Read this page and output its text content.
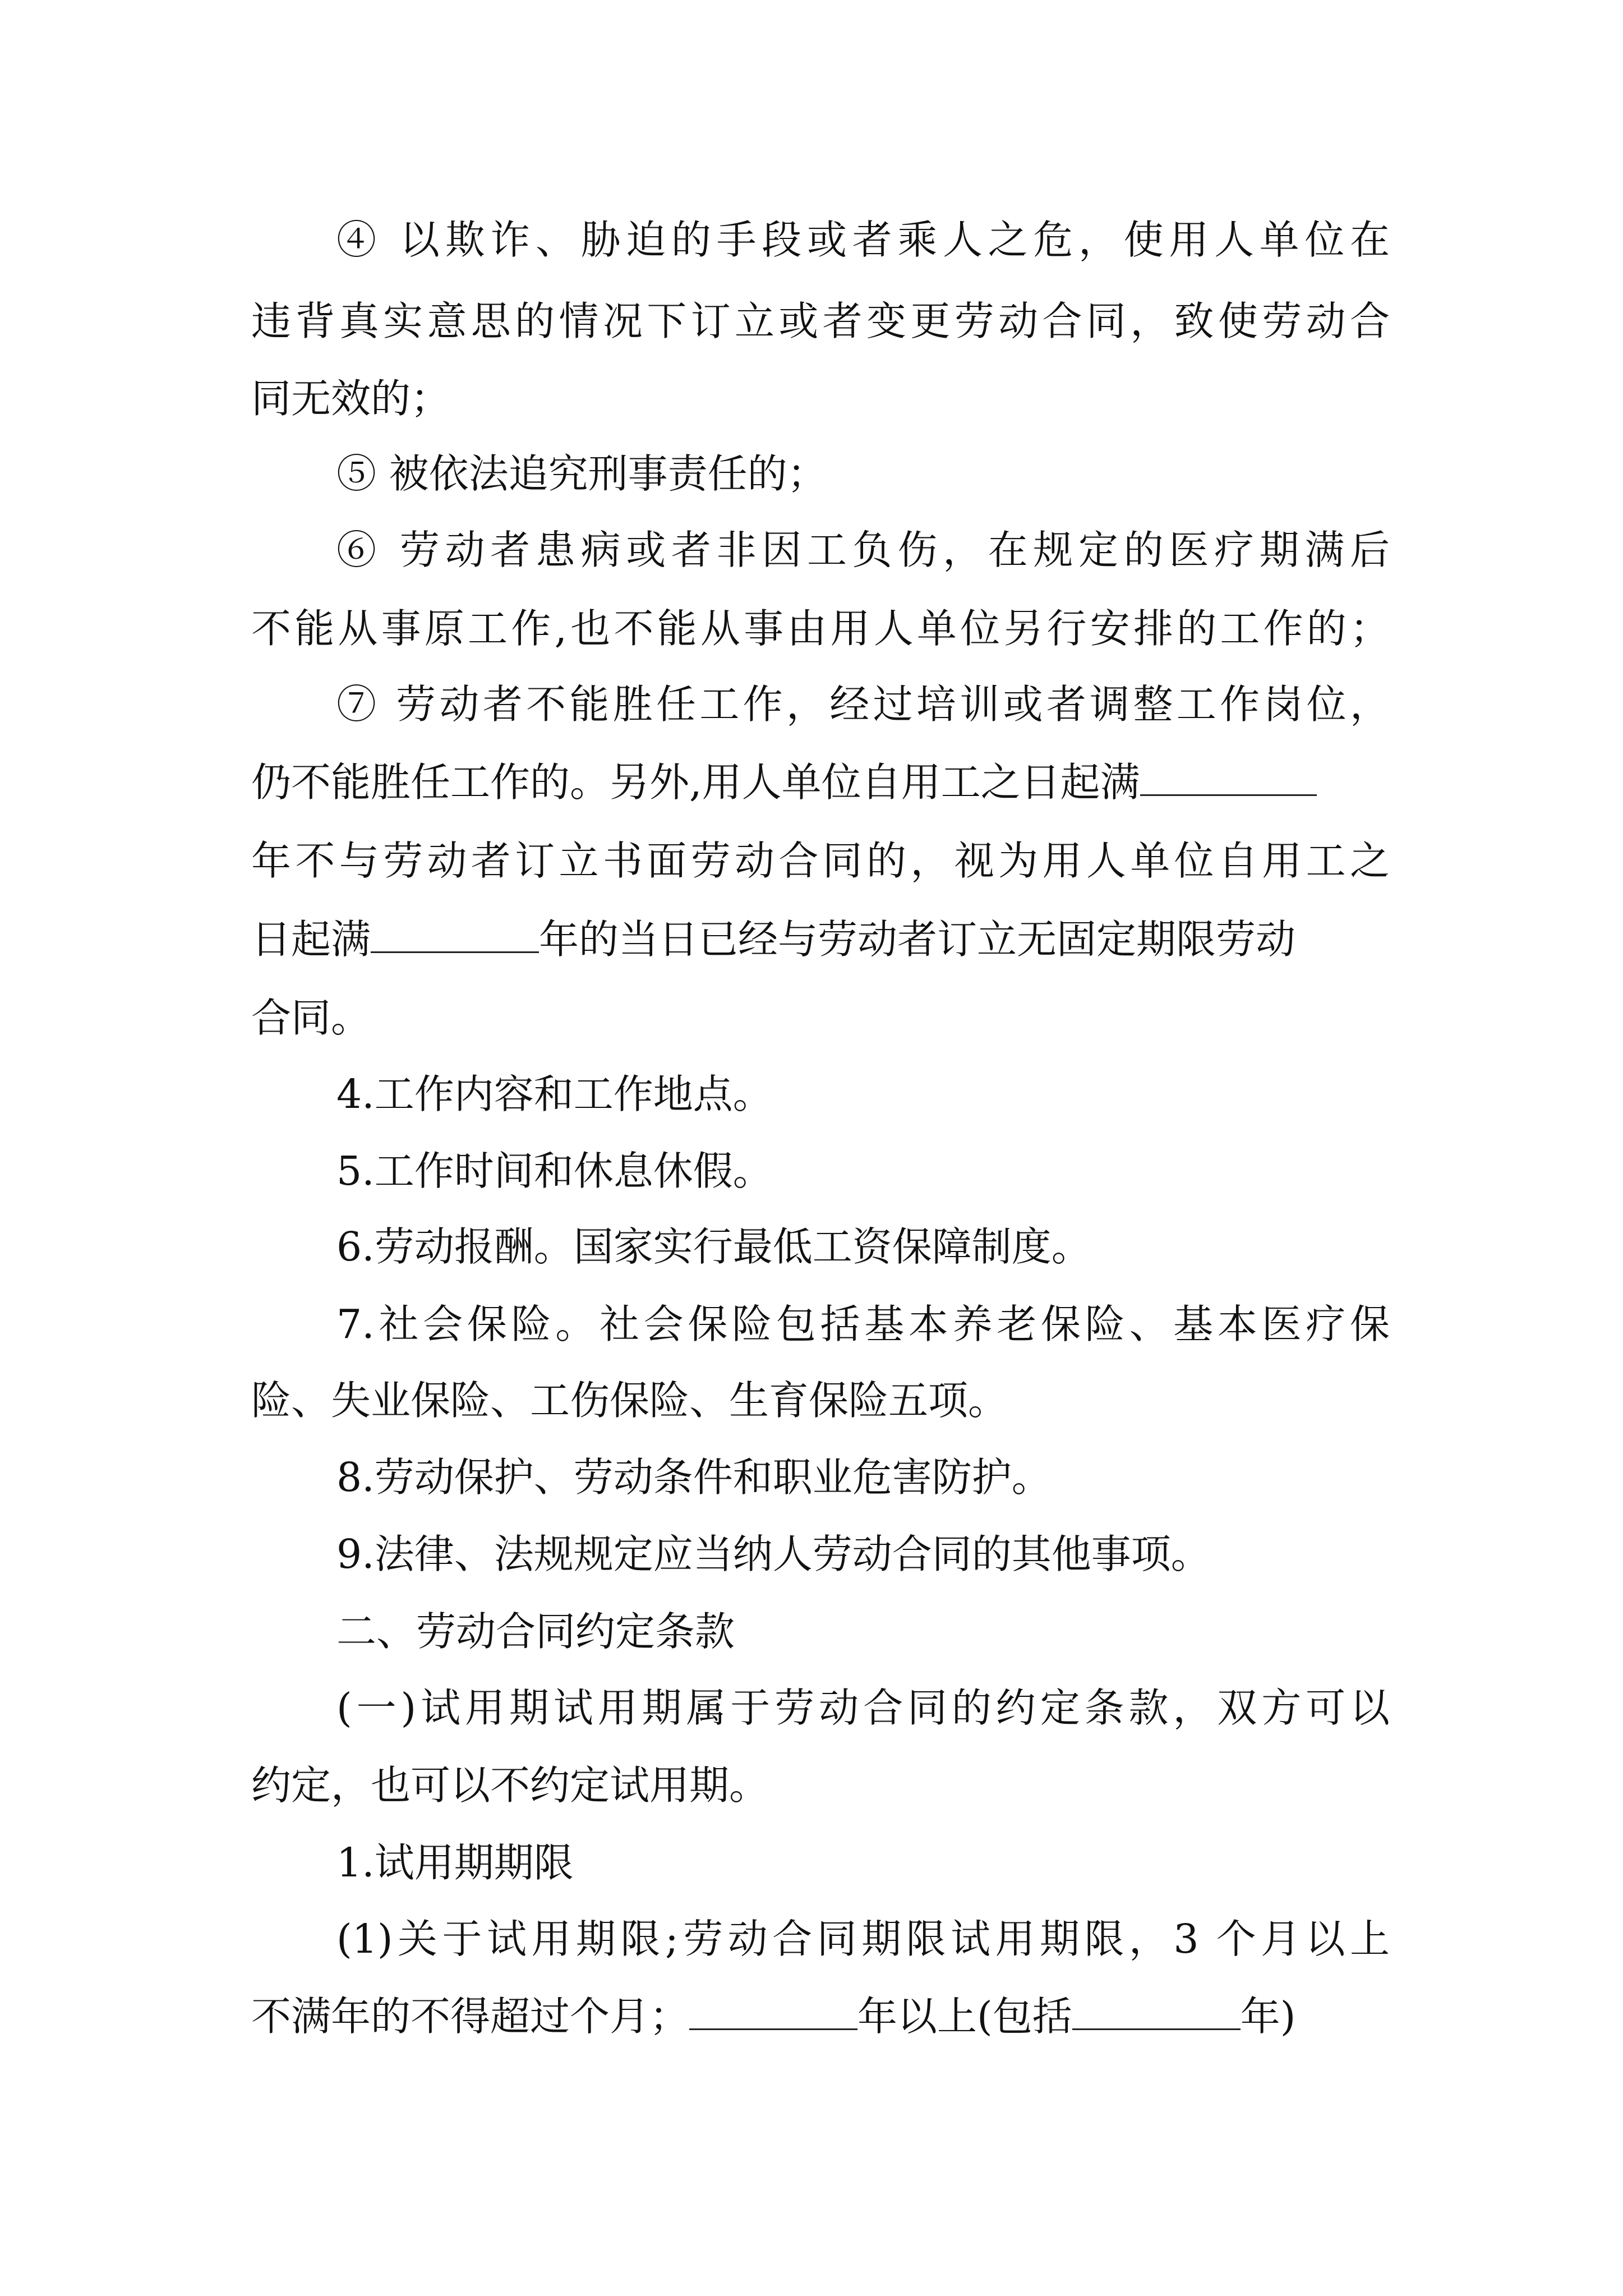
④ 以欺诈、胁迫的手段或者乘人之危，使用人单位在
违背真实意思的情况下订立或者变更劳动合同，致使劳动合
同无效的；
⑤ 被依法追究刑事责任的；
⑥ 劳动者患病或者非因工负伤，在规定的医疗期满后
不能从事原工作,也不能从事由用人单位另行安排的工作的；
⑦ 劳动者不能胜任工作，经过培训或者调整工作岗位，
仍不能胜任工作的。另外,用人单位自用工之日起满
年不与劳动者订立书面劳动合同的，视为用人单位自用工之
日起满	年的当日已经与劳动者订立无固定期限劳动
合同。
4.工作内容和工作地点。
5.工作时间和休息休假。
6.劳动报酬。国家实行最低工资保障制度。
7.社会保险。社会保险包括基本养老保险、基本医疗保
险、失业保险、工伤保险、生育保险五项。
8.劳动保护、劳动条件和职业危害防护。
9.法律、法规规定应当纳人劳动合同的其他事项。
二、劳动合同约定条款
(一)试用期试用期属于劳动合同的约定条款，双方可以
约定，也可以不约定试用期。
1.试用期期限
(1)关于试用期限;劳动合同期限试用期限，3 个月以上
不满年的不得超过个月；	年以上(包括	年)
